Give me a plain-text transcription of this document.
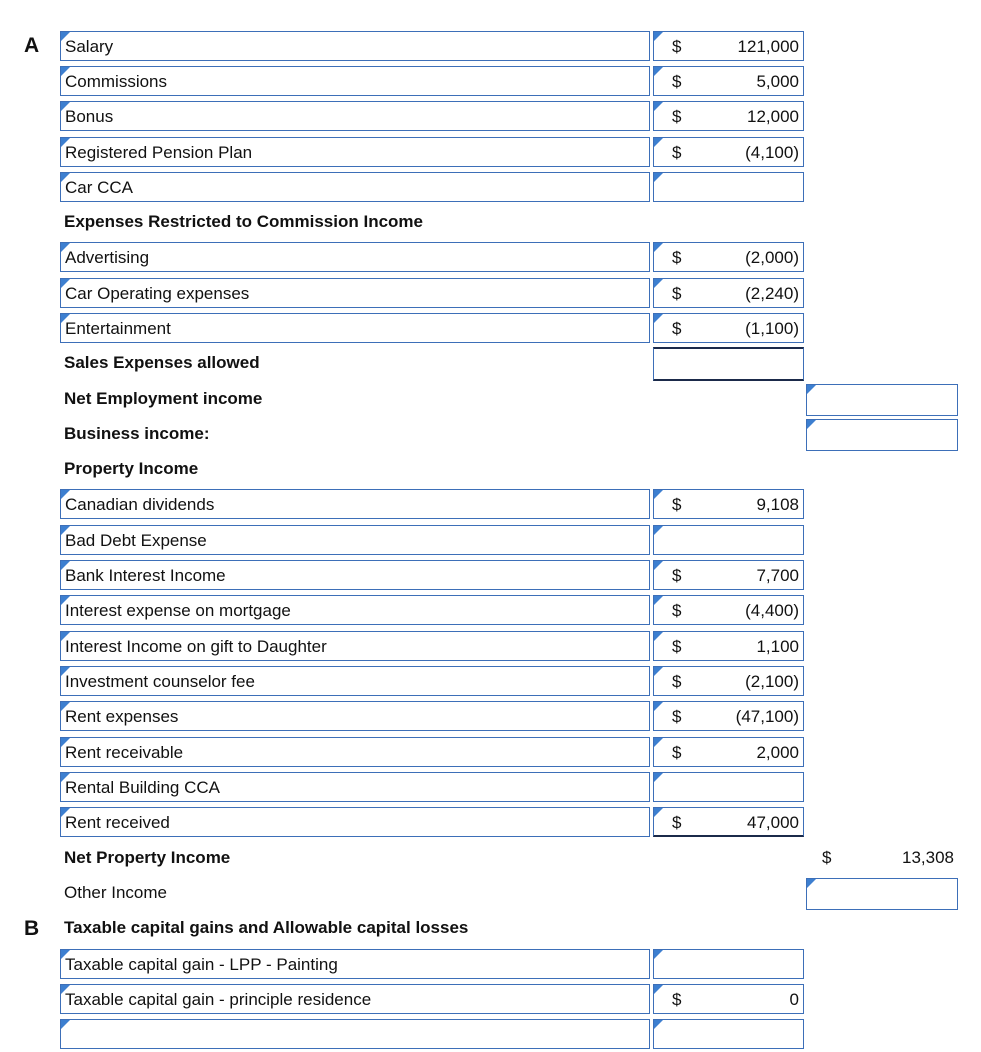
A
B
Salary	$	121,000
Commissions	$	5,000
Bonus	$	12,000
Registered Pension Plan	$	(4,100)
Car CCA
Expenses Restricted to Commission Income
Advertising	$	(2,000)
Car Operating expenses	$	(2,240)
Entertainment	$	(1,100)
Sales Expenses allowed
Net Employment income
Business income:
Property Income
Canadian dividends	$	9,108
Bad Debt Expense
Bank Interest Income	$	7,700
Interest expense on mortgage	$	(4,400)
Interest Income on gift to Daughter	$	1,100
Investment counselor fee	$	(2,100)
Rent expenses	$	(47,100)
Rent receivable	$	2,000
Rental Building CCA
Rent received	$	47,000
Net Property Income	$	13,308
Other Income
Taxable capital gains and Allowable capital losses
Taxable capital gain - LPP - Painting
Taxable capital gain - principle residence	$	0
